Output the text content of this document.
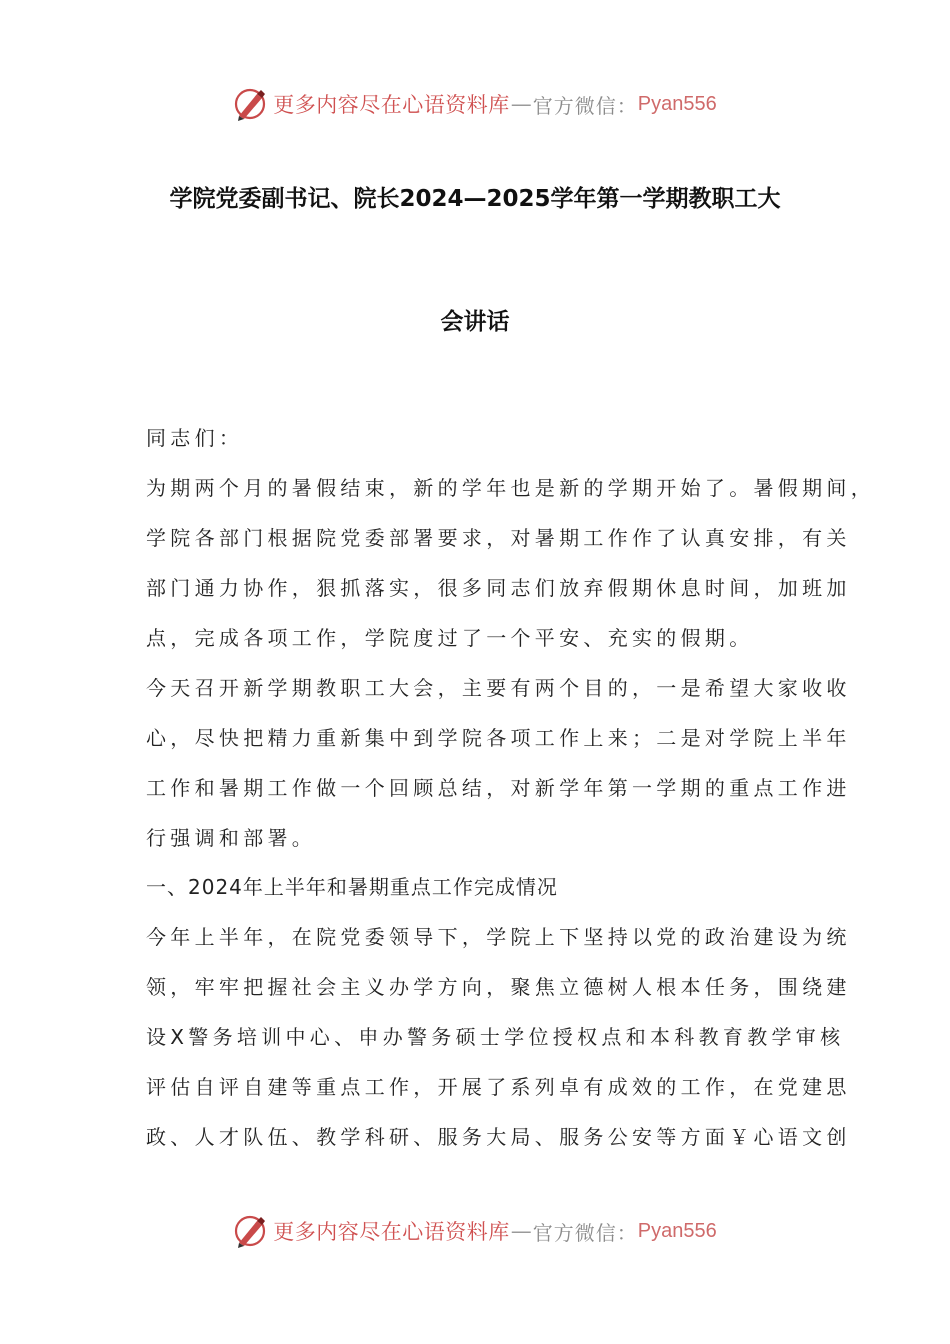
更多内容尽在心语资料库 — 官方微信： Pyan556
学院党委副书记、院长2024—2025学年第一学期教职工大
会讲话
同志们：
为期两个月的暑假结束，新的学年也是新的学期开始了。暑假期间，
学院各部门根据院党委部署要求，对暑期工作作了认真安排，有关
部门通力协作，狠抓落实，很多同志们放弃假期休息时间，加班加
点，完成各项工作，学院度过了一个平安、充实的假期。
今天召开新学期教职工大会，主要有两个目的，一是希望大家收收
心，尽快把精力重新集中到学院各项工作上来；二是对学院上半年
工作和暑期工作做一个回顾总结，对新学年第一学期的重点工作进
行强调和部署。
一、2024年上半年和暑期重点工作完成情况
今年上半年，在院党委领导下，学院上下坚持以党的政治建设为统
领，牢牢把握社会主义办学方向，聚焦立德树人根本任务，围绕建
设X警务培训中心、申办警务硕士学位授权点和本科教育教学审核
评估自评自建等重点工作，开展了系列卓有成效的工作，在党建思
政、人才队伍、教学科研、服务大局、服务公安等方面￥心语文创
更多内容尽在心语资料库 — 官方微信： Pyan556
